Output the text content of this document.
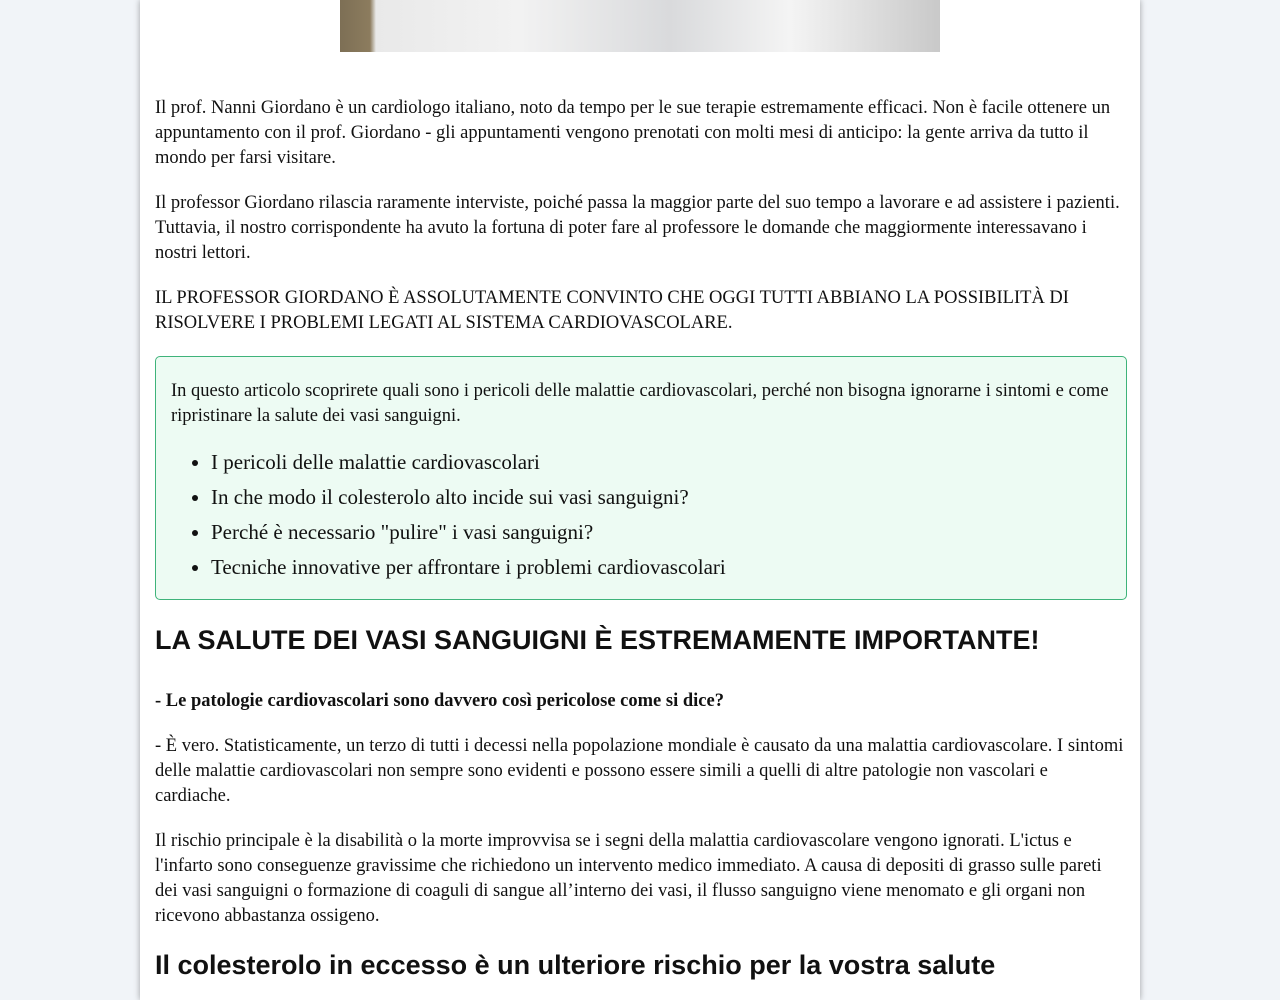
Il prof. Nanni Giordano è un cardiologo italiano, noto da tempo per le sue terapie estremamente efficaci. Non è facile ottenere un appuntamento con il prof. Giordano - gli appuntamenti vengono prenotati con molti mesi di anticipo: la gente arriva da tutto il mondo per farsi visitare.

Il professor Giordano rilascia raramente interviste, poiché passa la maggior parte del suo tempo a lavorare e ad assistere i pazienti. Tuttavia, il nostro corrispondente ha avuto la fortuna di poter fare al professore le domande che maggiormente interessavano i nostri lettori.

IL PROFESSOR GIORDANO È ASSOLUTAMENTE CONVINTO CHE OGGI TUTTI ABBIANO LA POSSIBILITÀ DI RISOLVERE I PROBLEMI LEGATI AL SISTEMA CARDIOVASCOLARE.

In questo articolo scoprirete quali sono i pericoli delle malattie cardiovascolari, perché non bisogna ignorarne i sintomi e come ripristinare la salute dei vasi sanguigni.

• I pericoli delle malattie cardiovascolari
• In che modo il colesterolo alto incide sui vasi sanguigni?
• Perché è necessario "pulire" i vasi sanguigni?
• Tecniche innovative per affrontare i problemi cardiovascolari
LA SALUTE DEI VASI SANGUIGNI È ESTREMAMENTE IMPORTANTE!

- Le patologie cardiovascolari sono davvero così pericolose come si dice?

- È vero. Statisticamente, un terzo di tutti i decessi nella popolazione mondiale è causato da una malattia cardiovascolare. I sintomi delle malattie cardiovascolari non sempre sono evidenti e possono essere simili a quelli di altre patologie non vascolari e cardiache.

Il rischio principale è la disabilità o la morte improvvisa se i segni della malattia cardiovascolare vengono ignorati. L'ictus e l'infarto sono conseguenze gravissime che richiedono un intervento medico immediato. A causa di depositi di grasso sulle pareti dei vasi sanguigni o formazione di coaguli di sangue all’interno dei vasi, il flusso sanguigno viene menomato e gli organi non ricevono abbastanza ossigeno.

Il colesterolo in eccesso è un ulteriore rischio per la vostra salute
